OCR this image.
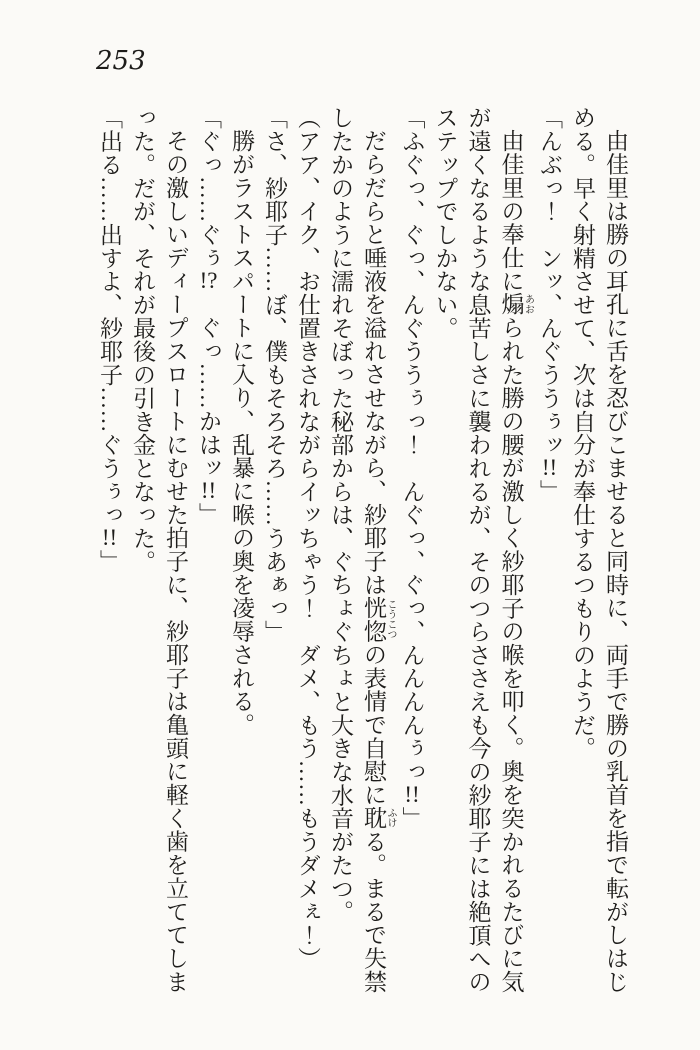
253

由佳里は勝の耳孔に舌を忍びこませると同時に、両手で勝の乳首を指で転がしはじめる。早く射精させて、次は自分が奉仕するつもりのようだ。

「んぶっ！　ンッ、んぐううぅッ!!」

由佳里の奉仕に煽 あおられた勝の腰が激しく紗耶子の喉を叩く。奥を突かれるたびに気が遠くなるような息苦しさに襲われるが、そのつらささえも今の紗耶子には絶頂へのステップでしかない。

「ふぐっ、ぐっ、んぐううぅっ！　んぐっ、ぐっ、んんんんぅっ!!」

だらだらと唾液を溢れさせながら、紗耶子は恍惚 こうこつの表情で自慰に耽 ふける。まるで失禁したかのように濡れそぼった秘部からは、ぐちょぐちょと大きな水音がたつ。

（アア、イク、お仕置きされながらイッちゃう！　ダメ、もう……もうダメぇ！）

「さ、紗耶子……ぼ、僕もそろそろ……うあぁっ」

勝がラストスパートに入り、乱暴に喉の奥を凌辱される。

「ぐっ……ぐぅ!?　ぐっ……かはッ!!」

その激しいディープスロートにむせた拍子に、紗耶子は亀頭に軽く歯を立ててしまった。だが、それが最後の引き金となった。

「出る……出すよ、紗耶子……ぐうぅっ!!」
